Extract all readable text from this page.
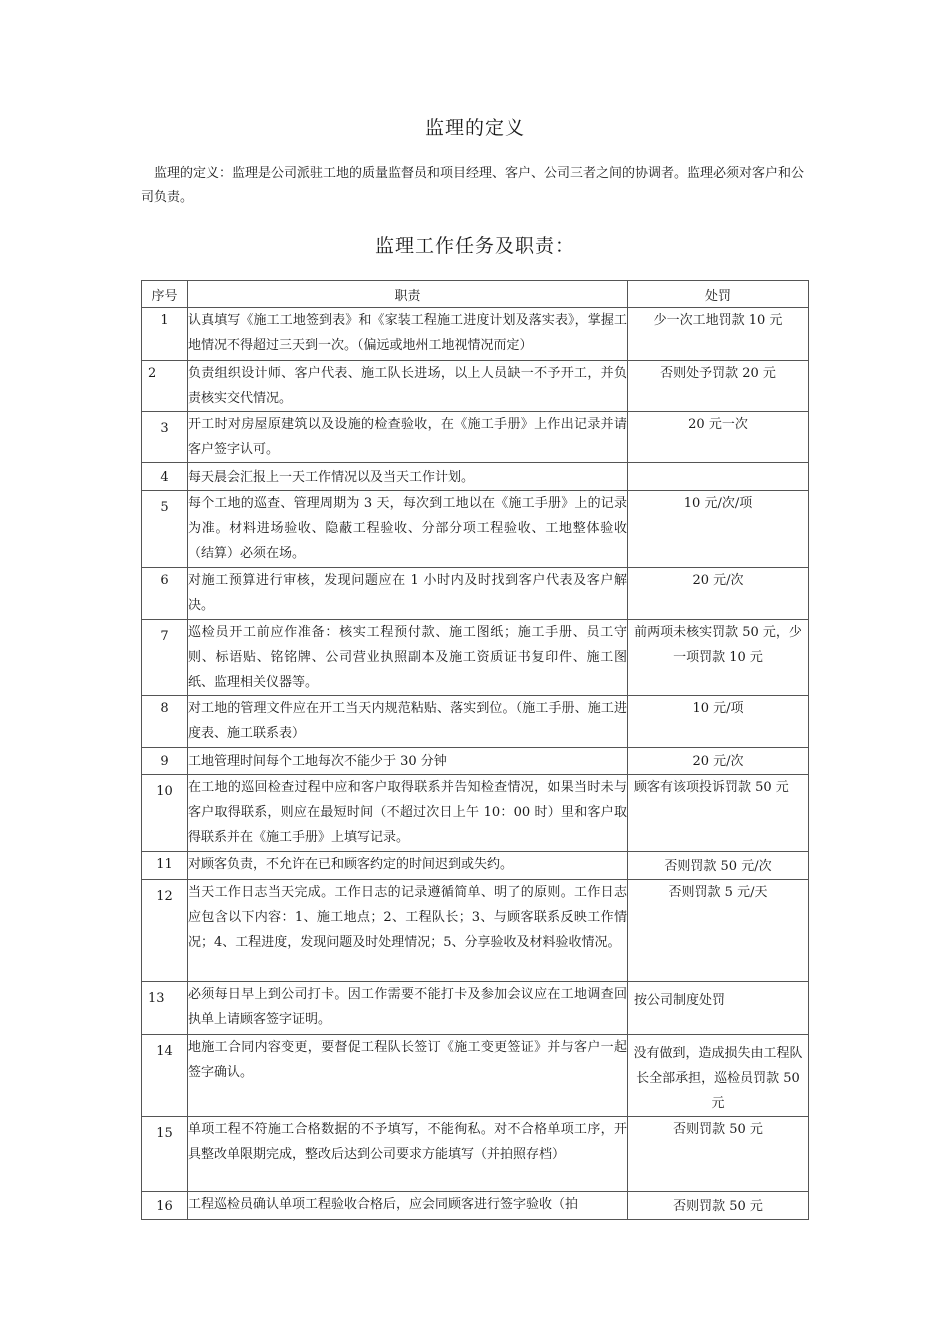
监理的定义
监理的定义：监理是公司派驻工地的质量监督员和项目经理、客户、公司三者之间的协调者。监理必须对客户和公司负责。
监理工作任务及职责：
序号	职责	处罚
1	认真填写《施工工地签到表》和《家装工程施工进度计划及落实表》，掌握工地情况不得超过三天到一次。（偏远或地州工地视情况而定）	少一次工地罚款 10 元
2	负责组织设计师、客户代表、施工队长进场，以上人员缺一不予开工，并负责核实交代情况。	否则处予罚款 20 元
3	开工时对房屋原建筑以及设施的检查验收，在《施工手册》上作出记录并请客户签字认可。	20 元一次
4	每天晨会汇报上一天工作情况以及当天工作计划。	
5	每个工地的巡查、管理周期为 3 天，每次到工地以在《施工手册》上的记录为准。材料进场验收、隐蔽工程验收、分部分项工程验收、工地整体验收（结算）必须在场。	10 元/次/项
6	对施工预算进行审核，发现问题应在 1 小时内及时找到客户代表及客户解决。	20 元/次
7	巡检员开工前应作准备：核实工程预付款、施工图纸；施工手册、员工守则、标语贴、铭铭牌、公司营业执照副本及施工资质证书复印件、施工图纸、监理相关仪器等。	前两项未核实罚款 50 元，少一项罚款 10 元
8	对工地的管理文件应在开工当天内规范粘贴、落实到位。（施工手册、施工进度表、施工联系表）	10 元/项
9	工地管理时间每个工地每次不能少于 30 分钟	20 元/次
10	在工地的巡回检查过程中应和客户取得联系并告知检查情况，如果当时未与客户取得联系，则应在最短时间（不超过次日上午 10：00 时）里和客户取得联系并在《施工手册》上填写记录。	顾客有该项投诉罚款 50 元
11	对顾客负责，不允许在已和顾客约定的时间迟到或失约。	否则罚款 50 元/次
12	当天工作日志当天完成。工作日志的记录遵循简单、明了的原则。工作日志应包含以下内容：1、施工地点；2、工程队长；3、与顾客联系反映工作情况；4、工程进度，发现问题及时处理情况；5、分享验收及材料验收情况。	否则罚款 5 元/天
13	必须每日早上到公司打卡。因工作需要不能打卡及参加会议应在工地调查回执单上请顾客签字证明。	按公司制度处罚
14	地施工合同内容变更，要督促工程队长签订《施工变更签证》并与客户一起签字确认。	没有做到，造成损失由工程队长全部承担，巡检员罚款 50 元
15	单项工程不符施工合格数据的不予填写，不能徇私。对不合格单项工序，开具整改单限期完成，整改后达到公司要求方能填写（并拍照存档）	否则罚款 50 元
16	工程巡检员确认单项工程验收合格后，应会同顾客进行签字验收（拍	否则罚款 50 元
